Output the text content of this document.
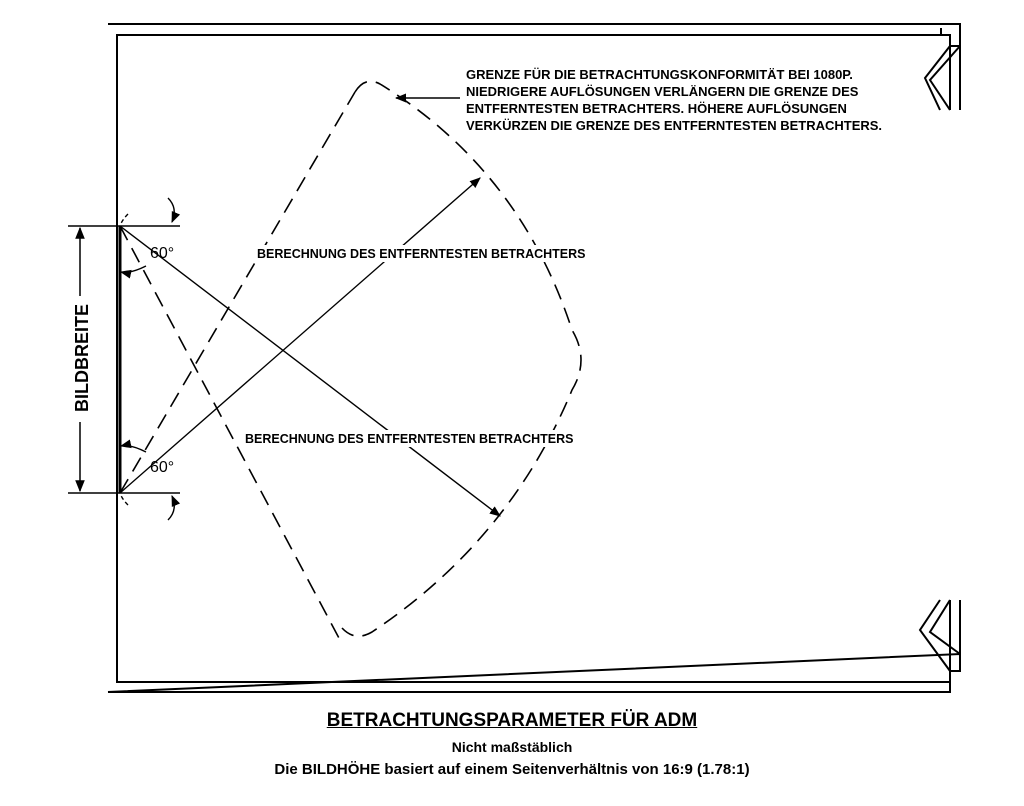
BILDBREITE
60°
60°
BERECHNUNG DES ENTFERNTESTEN BETRACHTERS
BERECHNUNG DES ENTFERNTESTEN BETRACHTERS
GRENZE FÜR DIE BETRACHTUNGSKONFORMITÄT BEI 1080P.
NIEDRIGERE AUFLÖSUNGEN VERLÄNGERN DIE GRENZE DES
ENTFERNTESTEN BETRACHTERS. HÖHERE AUFLÖSUNGEN
VERKÜRZEN DIE GRENZE DES ENTFERNTESTEN BETRACHTERS.
BETRACHTUNGSPARAMETER FÜR ADM
Nicht maßstäblich
Die BILDHÖHE basiert auf einem Seitenverhältnis von 16:9 (1.78:1)
